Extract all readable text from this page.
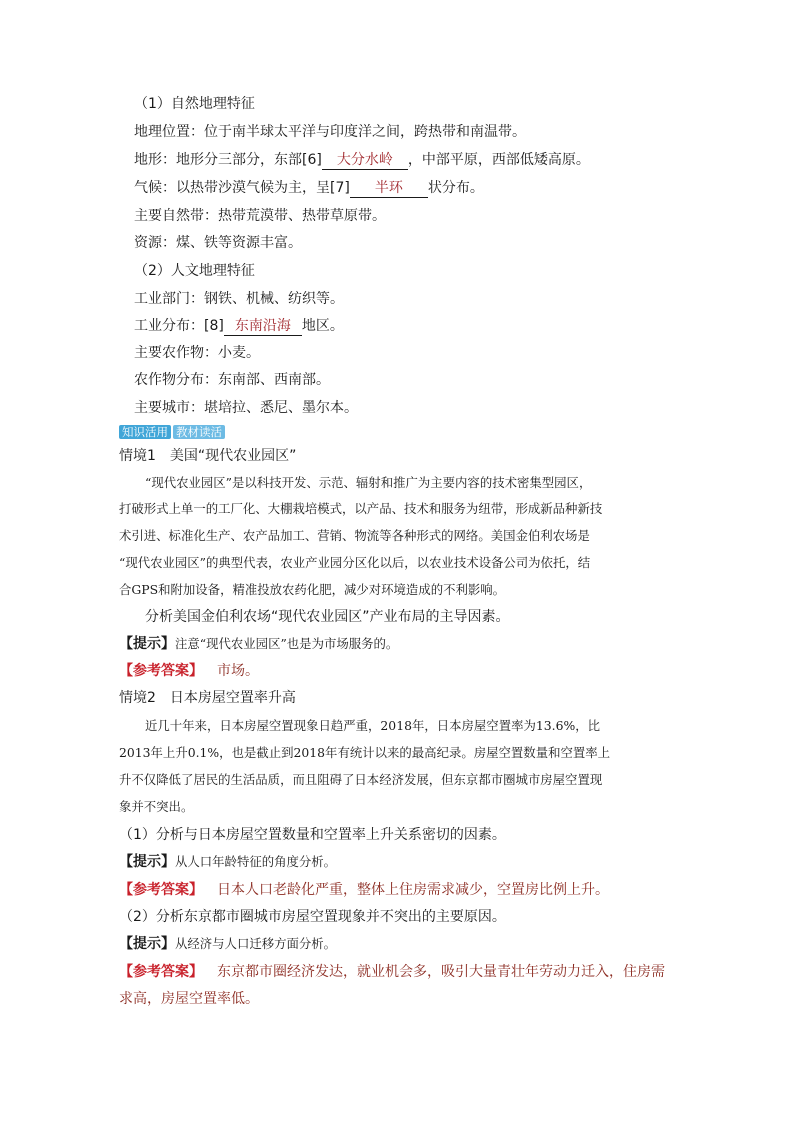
（1）自然地理特征
地理位置：位于南半球太平洋与印度洋之间，跨热带和南温带。
地形：地形分三部分，东部[6] 大分水岭 ，中部平原，西部低矮高原。
气候：以热带沙漠气候为主，呈[7] 半环 状分布。
主要自然带：热带荒漠带、热带草原带。
资源：煤、铁等资源丰富。
（2）人文地理特征
工业部门：钢铁、机械、纺织等。
工业分布：[8] 东南沿海 地区。
主要农作物：小麦。
农作物分布：东南部、西南部。
主要城市：堪培拉、悉尼、墨尔本。
知识活用 教材读活
情境1 美国“现代农业园区”
“现代农业园区”是以科技开发、示范、辐射和推广为主要内容的技术密集型园区，
打破形式上单一的工厂化、大棚栽培模式，以产品、技术和服务为纽带，形成新品种新技
术引进、标准化生产、农产品加工、营销、物流等各种形式的网络。美国金伯利农场是
“现代农业园区”的典型代表，农业产业园分区化以后，以农业技术设备公司为依托，结
合GPS和附加设备，精准投放农药化肥，减少对环境造成的不利影响。
分析美国金伯利农场“现代农业园区”产业布局的主导因素。
【提示】注意“现代农业园区”也是为市场服务的。
【参考答案】 市场。
情境2 日本房屋空置率升高
近几十年来，日本房屋空置现象日趋严重，2018年，日本房屋空置率为13.6%，比
2013年上升0.1%，也是截止到2018年有统计以来的最高纪录。房屋空置数量和空置率上
升不仅降低了居民的生活品质，而且阻碍了日本经济发展，但东京都市圈城市房屋空置现
象并不突出。
（1）分析与日本房屋空置数量和空置率上升关系密切的因素。
【提示】从人口年龄特征的角度分析。
【参考答案】 日本人口老龄化严重，整体上住房需求减少，空置房比例上升。
（2）分析东京都市圈城市房屋空置现象并不突出的主要原因。
【提示】从经济与人口迁移方面分析。
【参考答案】 东京都市圈经济发达，就业机会多，吸引大量青壮年劳动力迁入，住房需
求高，房屋空置率低。
